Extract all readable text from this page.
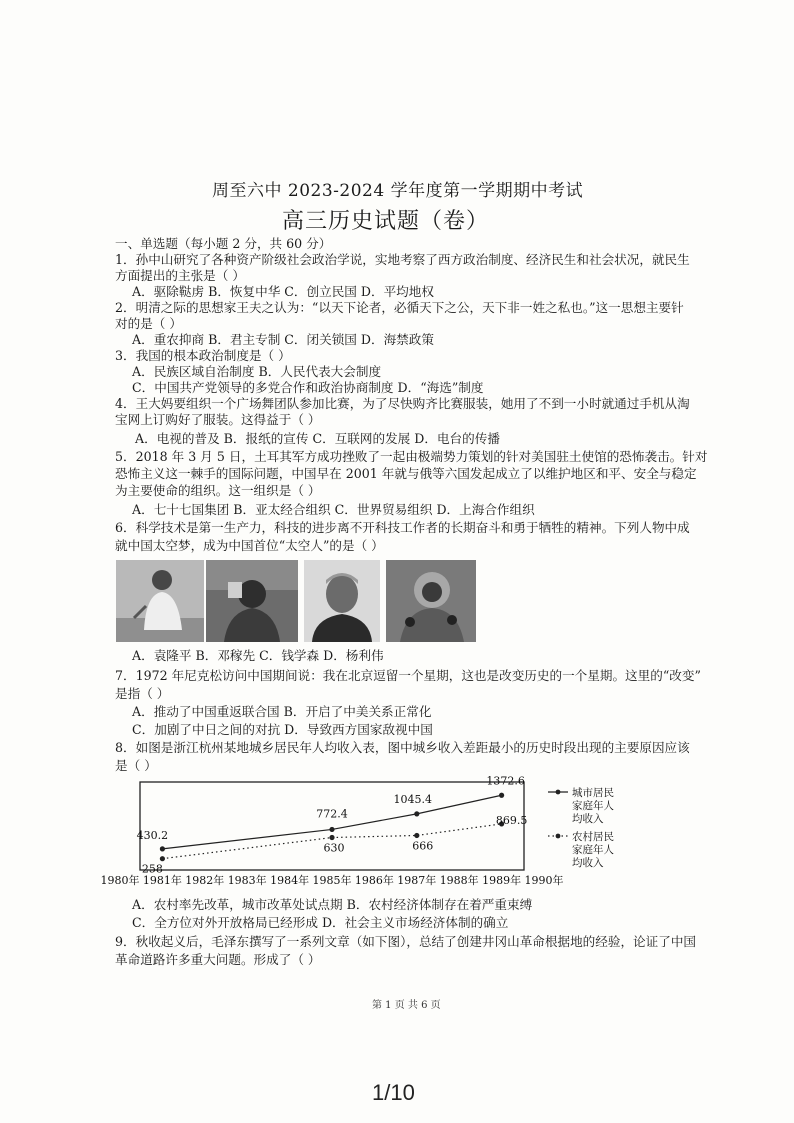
周至六中 2023-2024 学年度第一学期期中考试
高三历史试题（卷）
一、单选题（每小题 2 分，共 60 分）
1．孙中山研究了各种资产阶级社会政治学说，实地考察了西方政治制度、经济民生和社会状况，就民生
方面提出的主张是（ ）
A．驱除鞑虏 B．恢复中华 C．创立民国 D．平均地权
2．明清之际的思想家王夫之认为：“以天下论者，必循天下之公，天下非一姓之私也。”这一思想主要针
对的是（ ）
A．重农抑商 B．君主专制 C．闭关锁国 D．海禁政策
3．我国的根本政治制度是（ ）
A．民族区域自治制度 B．人民代表大会制度
C．中国共产党领导的多党合作和政治协商制度 D．“海选”制度
4．王大妈要组织一个广场舞团队参加比赛，为了尽快购齐比赛服装，她用了不到一小时就通过手机从淘
宝网上订购好了服装。这得益于（ ）
A．电视的普及 B．报纸的宣传 C．互联网的发展 D．电台的传播
5．2018 年 3 月 5 日，土耳其军方成功挫败了一起由极端势力策划的针对美国驻土使馆的恐怖袭击。针对
恐怖主义这一棘手的国际问题，中国早在 2001 年就与俄等六国发起成立了以维护地区和平、安全与稳定
为主要使命的组织。这一组织是（ ）
A．七十七国集团 B．亚太经合组织 C．世界贸易组织 D．上海合作组织
6．科学技术是第一生产力，科技的进步离不开科技工作者的长期奋斗和勇于牺牲的精神。下列人物中成
就中国太空梦，成为中国首位“太空人”的是（ ）
A．袁隆平 B．邓稼先 C．钱学森 D．杨利伟
7．1972 年尼克松访问中国期间说：我在北京逗留一个星期，这也是改变历史的一个星期。这里的“改变”
是指（ ）
A．推动了中国重返联合国 B．开启了中美关系正常化
C．加剧了中日之间的对抗 D．导致西方国家敌视中国
8．如图是浙江杭州某地城乡居民年人均收入表，图中城乡收入差距最小的历史时段出现的主要原因应该
是（ ）
1980年 1981年 1982年 1983年 1984年 1985年 1986年 1987年 1988年 1989年 1990年
430.2
772.4
1045.4
1372.6
258
630	666
869.5
城市居民
家庭年人
均收入
农村居民
家庭年人
均收入
A．农村率先改革，城市改革处试点期 B．农村经济体制存在着严重束缚
C．全方位对外开放格局已经形成 D．社会主义市场经济体制的确立
9．秋收起义后，毛泽东撰写了一系列文章（如下图），总结了创建井冈山革命根据地的经验，论证了中国
革命道路许多重大问题。形成了（ ）
第 1 页 共 6 页
1/10
